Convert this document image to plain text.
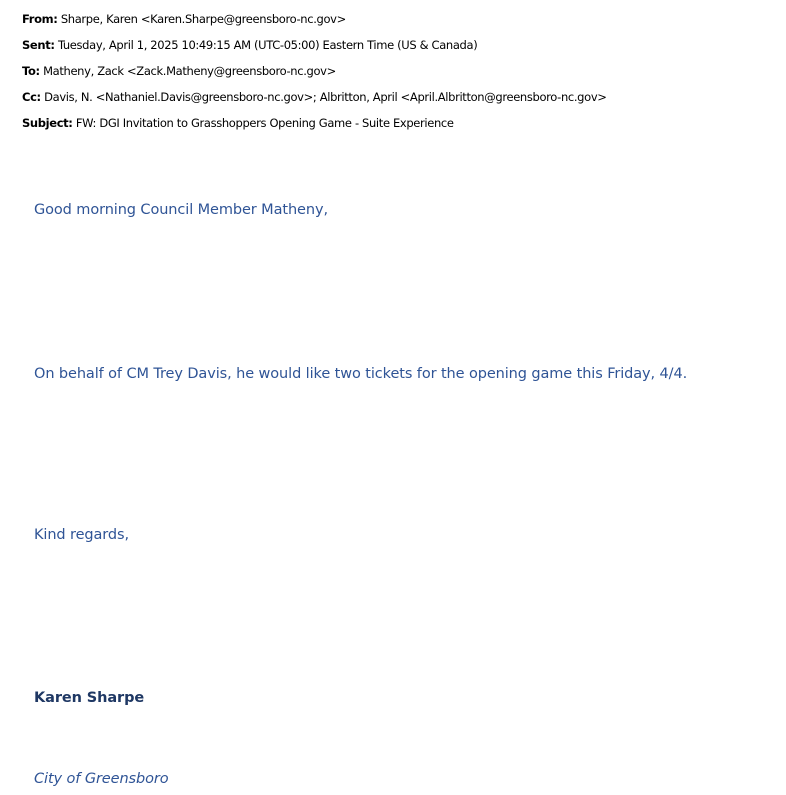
From: Sharpe, Karen <Karen.Sharpe@greensboro-nc.gov>
Sent: Tuesday, April 1, 2025 10:49:15 AM (UTC-05:00) Eastern Time (US & Canada)
To: Matheny, Zack <Zack.Matheny@greensboro-nc.gov>
Cc: Davis, N. <Nathaniel.Davis@greensboro-nc.gov>; Albritton, April <April.Albritton@greensboro-nc.gov>
Subject: FW: DGI Invitation to Grasshoppers Opening Game - Suite Experience
Good morning Council Member Matheny,
On behalf of CM Trey Davis, he would like two tickets for the opening game this Friday, 4/4.
Kind regards,
Karen Sharpe
City of Greensboro
